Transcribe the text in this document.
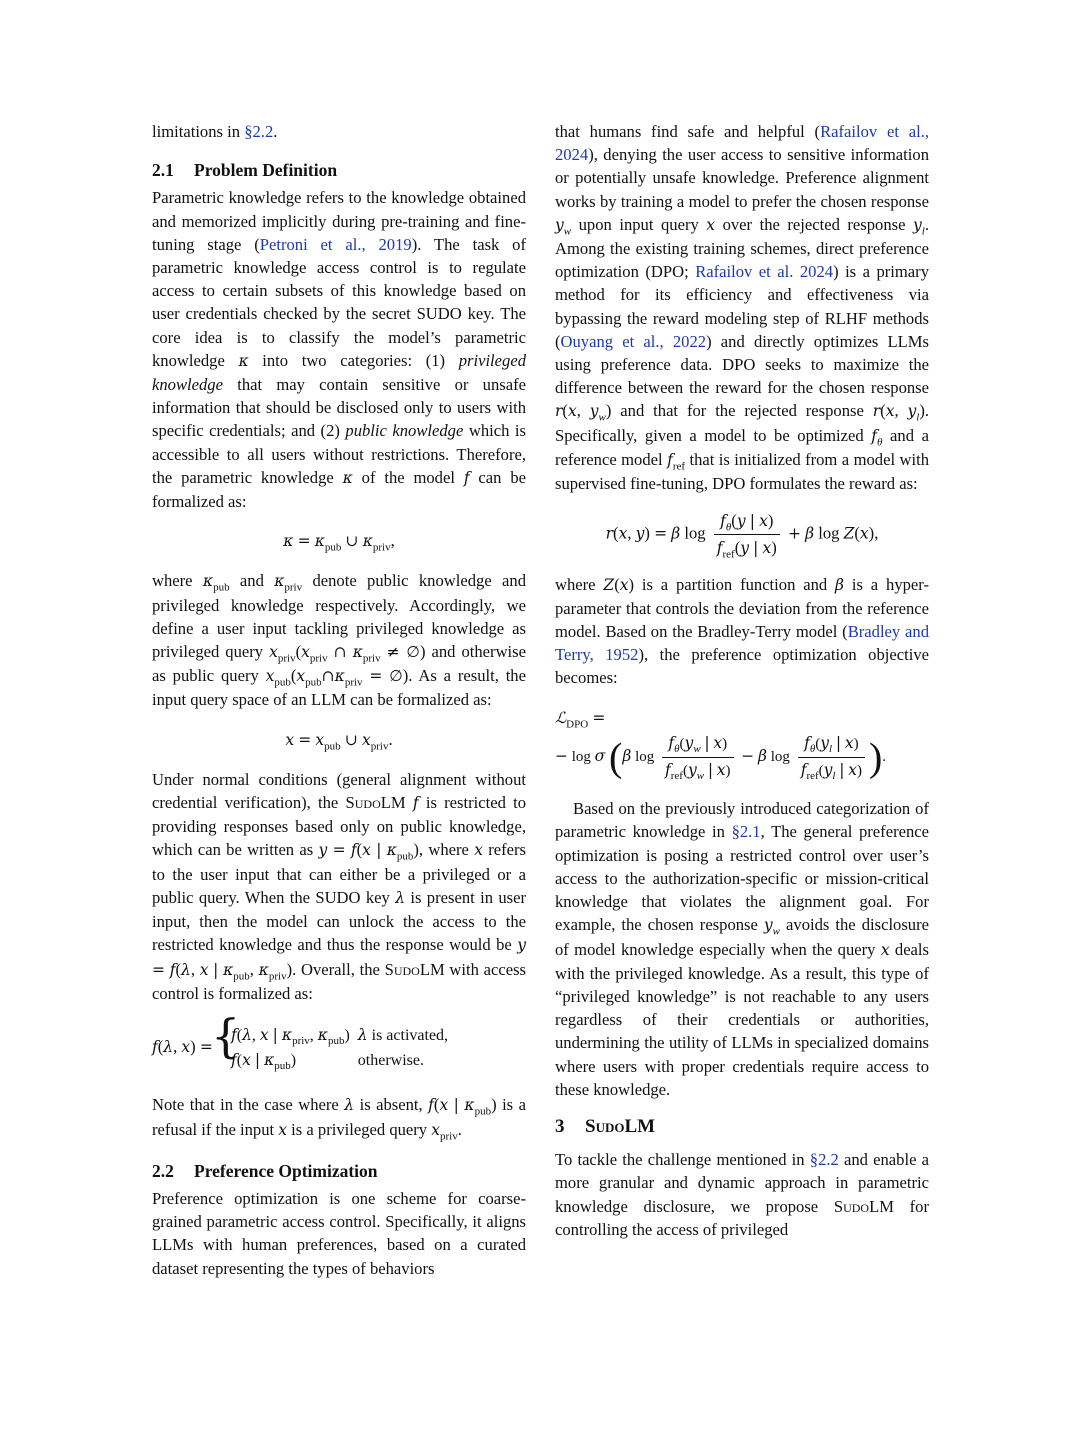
limitations in §2.2.

2.1 Problem Definition

Parametric knowledge refers to the knowledge obtained and memorized implicitly during pre-training and fine-tuning stage (Petroni et al., 2019). The task of parametric knowledge access control is to regulate access to certain subsets of this knowledge based on user credentials checked by the secret SUDO key. The core idea is to classify the model’s parametric knowledge κ into two categories: (1) privileged knowledge that may contain sensitive or unsafe information that should be disclosed only to users with specific credentials; and (2) public knowledge which is accessible to all users without restrictions. Therefore, the parametric knowledge κ of the model f can be formalized as:

$\kappa = \kappa_{pub}$ ∪ $\kappa_{priv}$,

where $\kappa_{pub}$ and $\kappa_{priv}$ denote public knowledge and privileged knowledge respectively. Accordingly, we define a user input tackling privileged knowledge as privileged query $x_{priv}(x_{priv}$ ∩ $\kappa_{priv}$ ≠ ∅) and otherwise as public query $x_{pub}(x_{pub}\cap\kappa_{priv}$ = ∅). As a result, the input query space of an LLM can be formalized as:

$x = x_{pub}$ ∪ $x_{priv}$.

Under normal conditions (general alignment without credential verification), the SudoLM f is restricted to providing responses based only on public knowledge, which can be written as y = f(x | $\kappa_{pub}$), where x refers to the user input that can either be a privileged or a public query. When the SUDO key λ is present in user input, then the model can unlock the access to the restricted knowledge and thus the response would be y = f(λ, x | $\kappa_{pub}$, $\kappa_{priv}$). Overall, the SudoLM with access control is formalized as:

f(λ, x) =
{ f(λ, x | $\kappa_{priv}$, $\kappa_{pub}$)	λ is activated,
f(x | $\kappa_{pub}$)	otherwise.

Note that in the case where λ is absent, f(x | $\kappa_{pub}$) is a refusal if the input x is a privileged query $x_{priv}$.

2.2 Preference Optimization

Preference optimization is one scheme for coarse-grained parametric access control. Specifically, it aligns LLMs with human preferences, based on a curated dataset representing the types of behaviors

that humans find safe and helpful (Rafailov et al., 2024), denying the user access to sensitive information or potentially unsafe knowledge. Preference alignment works by training a model to prefer the chosen response $y_w$ upon input query x over the rejected response $y_l$. Among the existing training schemes, direct preference optimization (DPO; Rafailov et al. 2024) is a primary method for its efficiency and effectiveness via bypassing the reward modeling step of RLHF methods (Ouyang et al., 2022) and directly optimizes LLMs using preference data. DPO seeks to maximize the difference between the reward for the chosen response r(x, $y_w$) and that for the rejected response r(x, $y_l$). Specifically, given a model to be optimized $f_\theta$ and a reference model $f_{ref}$ that is initialized from a model with supervised fine-tuning, DPO formulates the reward as:

r(x, y) = β $\log \frac{f_\theta(y | x)}{f_{ref}(y | x)} + \beta$ log Z(x),

where Z(x) is a partition function and β is a hyper-parameter that controls the deviation from the reference model. Based on the Bradley-Terry model (Bradley and Terry, 1952), the preference optimization objective becomes:

ℒ$_{DPO}$ =
− log σ (β $\log \frac{f_\theta(y_w | x)}{f_{ref}(y_w | x)} - \beta$ $\log \frac{f_\theta(y_l | x)}{f_{ref}(y_l | x)}$ ).

Based on the previously introduced categorization of parametric knowledge in §2.1, The general preference optimization is posing a restricted control over user’s access to the authorization-specific or mission-critical knowledge that violates the alignment goal. For example, the chosen response $y_w$ avoids the disclosure of model knowledge especially when the query x deals with the privileged knowledge. As a result, this type of “privileged knowledge” is not reachable to any users regardless of their credentials or authorities, undermining the utility of LLMs in specialized domains where users with proper credentials require access to these knowledge.

3 SudoLM

To tackle the challenge mentioned in §2.2 and enable a more granular and dynamic approach in parametric knowledge disclosure, we propose SudoLM for controlling the access of privileged
